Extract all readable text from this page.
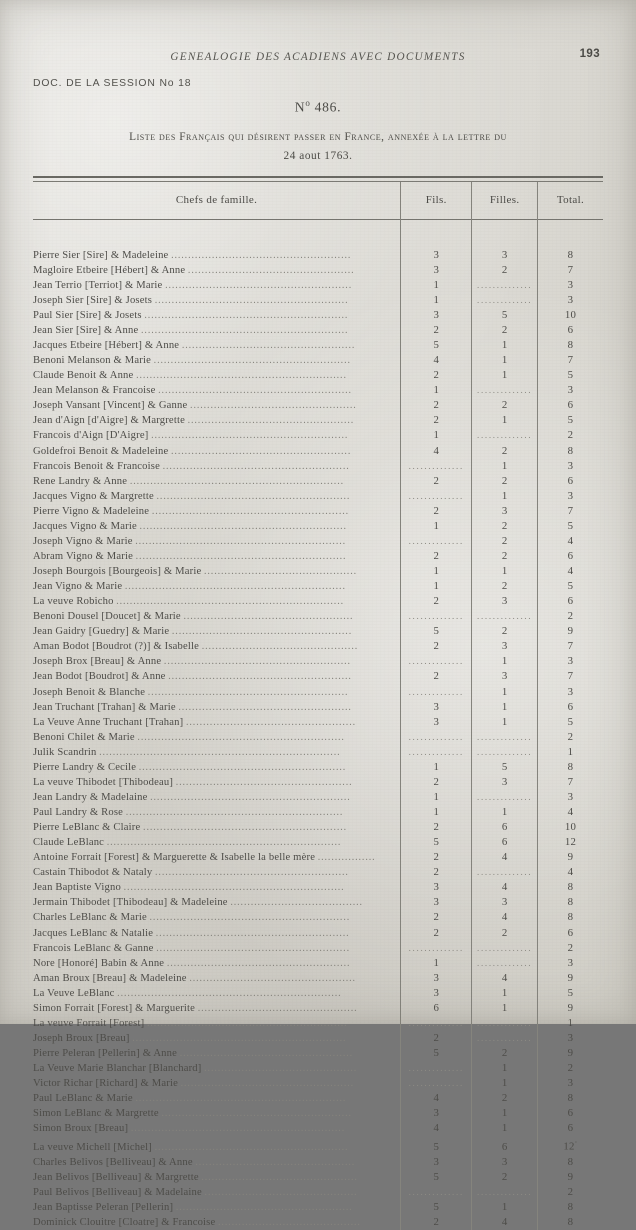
GENEALOGIE DES ACADIENS AVEC DOCUMENTS	193
DOC. DE LA SESSION No 18
$N^o$ 486.
Liste des Français qui désirent passer en France, annexée à la lettre du
24 aout 1763.
Chefs de famille.	Fils.	Filles.	Total.

Pierre Sier [Sire] & Madeleine .....................................................	3	3	8
Magloire Etbeire [Hébert] & Anne .................................................	3	2	7
Jean Terrio [Terriot] & Marie .......................................................	1	..............	3
Joseph Sier [Sire] & Josets .........................................................	1	..............	3
Paul Sier [Sire] & Josets ............................................................	3	5	10
Jean Sier [Sire] & Anne .............................................................	2	2	6
Jacques Etbeire [Hébert] & Anne ...................................................	5	1	8
Benoni Melanson & Marie ..........................................................	4	1	7
Claude Benoit & Anne ..............................................................	2	1	5
Jean Melanson & Francoise .........................................................	1	..............	3
Joseph Vansant [Vincent] & Ganne .................................................	2	2	6
Jean d'Aign [d'Aigre] & Margrette .................................................	2	1	5
Francois d'Aign [D'Aigre] ..........................................................	1	..............	2
Goldefroi Benoit & Madeleine .....................................................	4	2	8
Francois Benoit & Francoise .......................................................	..............	1	3
Rene Landry & Anne ...............................................................	2	2	6
Jacques Vigno & Margrette .........................................................	..............	1	3
Pierre Vigno & Madeleine ..........................................................	2	3	7
Jacques Vigno & Marie .............................................................	1	2	5
Joseph Vigno & Marie ..............................................................	..............	2	4
Abram Vigno & Marie ..............................................................	2	2	6
Joseph Bourgois [Bourgeois] & Marie .............................................	1	1	4
Jean Vigno & Marie .................................................................	1	2	5
La veuve Robicho ...................................................................	2	3	6
Benoni Dousel [Doucet] & Marie ..................................................	..............	..............	2
Jean Gaidry [Guedry] & Marie .....................................................	5	2	9
Aman Bodot [Boudrot (?)] & Isabelle ..............................................	2	3	7
Joseph Brox [Breau] & Anne .......................................................	..............	1	3
Jean Bodot [Boudrot] & Anne ......................................................	2	3	7
Joseph Benoit & Blanche ...........................................................	..............	1	3
Jean Truchant [Trahan] & Marie ...................................................	3	1	6
La Veuve Anne Truchant [Trahan] ..................................................	3	1	5
Benoni Chilet & Marie .............................................................	..............	..............	2
Julik Scandrin .......................................................................	..............	..............	1
Pierre Landry & Cecile .............................................................	1	5	8
La veuve Thibodet [Thibodeau] ....................................................	2	3	7
Jean Landry & Madelaine ...........................................................	1	..............	3
Paul Landry & Rose ................................................................	1	1	4
Pierre LeBlanc & Claire ............................................................	2	6	10
Claude LeBlanc .....................................................................	5	6	12
Antoine Forrait [Forest] & Marguerette & Isabelle la belle mère .................	2	4	9
Castain Thibodot & Nataly .........................................................	2	..............	4
Jean Baptiste Vigno .................................................................	3	4	8
Jermain Thibodet [Thibodeau] & Madeleine .......................................	3	3	8
Charles LeBlanc & Marie ...........................................................	2	4	8
Jacques LeBlanc & Natalie .........................................................	2	2	6
Francois LeBlanc & Ganne .........................................................	..............	..............	2
Nore [Honoré] Babin & Anne ......................................................	1	..............	3
Aman Broux [Breau] & Madeleine .................................................	3	4	9
La Veuve LeBlanc ..................................................................	3	1	5
Simon Forrait [Forest] & Marguerite ...............................................	6	1	9
La veuve Forrait [Forest] ...........................................................	..............	..............	1
Joseph Broux [Breau] ...............................................................	2	..............	3
Pierre Peleran [Pellerin] & Anne ...................................................	5	2	9
La Veuve Marie Blanchar [Blanchard] .............................................	..............	1	2
Victor Richar [Richard] & Marie ...................................................	..............	1	3
Paul LeBlanc & Marie ..............................................................	4	2	8
Simon LeBlanc & Margrette ........................................................	3	1	6
Simon Broux [Breau] ...............................................................	4	1	6
La veuve Michell [Michel] .........................................................	5	6	12·
Charles Belivos [Belliveau] & Anne ...............................................	3	3	8
Jean Belivos [Belliveau] & Margrette ..............................................	5	2	9
Paul Belivos [Belliveau] & Madelaine .............................................	..............	..............	2
Jean Baptisse Peleran [Pellerin] ....................................................	5	1	8
Dominick Clouitre [Cloatre] & Francoise ..........................................	2	4	8
